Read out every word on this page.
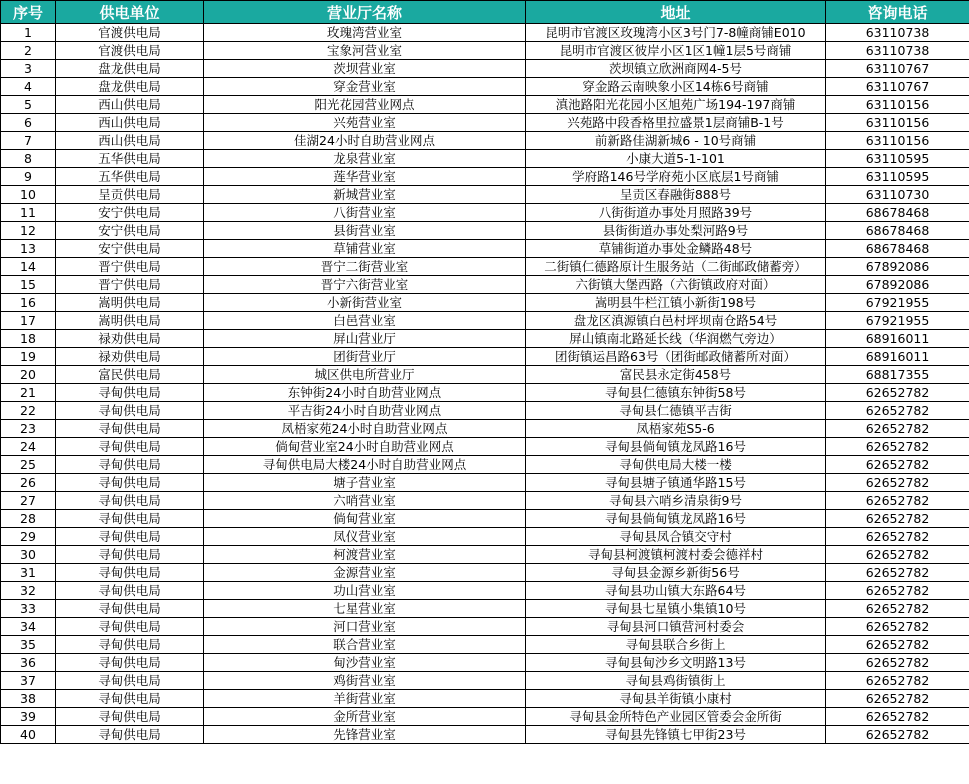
序号	供电单位	营业厅名称	地址	咨询电话
1	官渡供电局	玫瑰湾营业室	昆明市官渡区玫瑰湾小区3号门7-8幢商铺E010	63110738
2	官渡供电局	宝象河营业室	昆明市官渡区彼岸小区1区1幢1层5号商铺	63110738
3	盘龙供电局	茨坝营业室	茨坝镇立欣洲商网4-5号	63110767
4	盘龙供电局	穿金营业室	穿金路云南映象小区14栋6号商铺	63110767
5	西山供电局	阳光花园营业网点	滇池路阳光花园小区旭苑广场194-197商铺	63110156
6	西山供电局	兴苑营业室	兴苑路中段香格里拉盛景1层商铺B-1号	63110156
7	西山供电局	佳湖24小时自助营业网点	前新路佳湖新城6 - 10号商铺	63110156
8	五华供电局	龙泉营业室	小康大道5-1-101	63110595
9	五华供电局	莲华营业室	学府路146号学府苑小区底层1号商铺	63110595
10	呈贡供电局	新城营业室	呈贡区春融街888号	63110730
11	安宁供电局	八街营业室	八街街道办事处月照路39号	68678468
12	安宁供电局	县街营业室	县街街道办事处梨河路9号	68678468
13	安宁供电局	草铺营业室	草铺街道办事处金鳞路48号	68678468
14	晋宁供电局	晋宁二街营业室	二街镇仁德路原计生服务站（二街邮政储蓄旁）	67892086
15	晋宁供电局	晋宁六街营业室	六街镇大堡西路（六街镇政府对面）	67892086
16	嵩明供电局	小新街营业室	嵩明县牛栏江镇小新街198号	67921955
17	嵩明供电局	白邑营业室	盘龙区滇源镇白邑村坪坝南仓路54号	67921955
18	禄劝供电局	屏山营业厅	屏山镇南北路延长线（华润燃气旁边）	68916011
19	禄劝供电局	团街营业厅	团街镇运昌路63号（团街邮政储蓄所对面）	68916011
20	富民供电局	城区供电所营业厅	富民县永定街458号	68817355
21	寻甸供电局	东钟街24小时自助营业网点	寻甸县仁德镇东钟街58号	62652782
22	寻甸供电局	平吉街24小时自助营业网点	寻甸县仁德镇平吉街	62652782
23	寻甸供电局	凤梧家苑24小时自助营业网点	凤梧家苑S5-6	62652782
24	寻甸供电局	倘甸营业室24小时自助营业网点	寻甸县倘甸镇龙凤路16号	62652782
25	寻甸供电局	寻甸供电局大楼24小时自助营业网点	寻甸供电局大楼一楼	62652782
26	寻甸供电局	塘子营业室	寻甸县塘子镇通华路15号	62652782
27	寻甸供电局	六哨营业室	寻甸县六哨乡清泉街9号	62652782
28	寻甸供电局	倘甸营业室	寻甸县倘甸镇龙凤路16号	62652782
29	寻甸供电局	凤仪营业室	寻甸县凤合镇交守村	62652782
30	寻甸供电局	柯渡营业室	寻甸县柯渡镇柯渡村委会德祥村	62652782
31	寻甸供电局	金源营业室	寻甸县金源乡新街56号	62652782
32	寻甸供电局	功山营业室	寻甸县功山镇大东路64号	62652782
33	寻甸供电局	七星营业室	寻甸县七星镇小集镇10号	62652782
34	寻甸供电局	河口营业室	寻甸县河口镇营河村委会	62652782
35	寻甸供电局	联合营业室	寻甸县联合乡街上	62652782
36	寻甸供电局	甸沙营业室	寻甸县甸沙乡文明路13号	62652782
37	寻甸供电局	鸡街营业室	寻甸县鸡街镇街上	62652782
38	寻甸供电局	羊街营业室	寻甸县羊街镇小康村	62652782
39	寻甸供电局	金所营业室	寻甸县金所特色产业园区管委会金所街	62652782
40	寻甸供电局	先锋营业室	寻甸县先锋镇七甲街23号	62652782
